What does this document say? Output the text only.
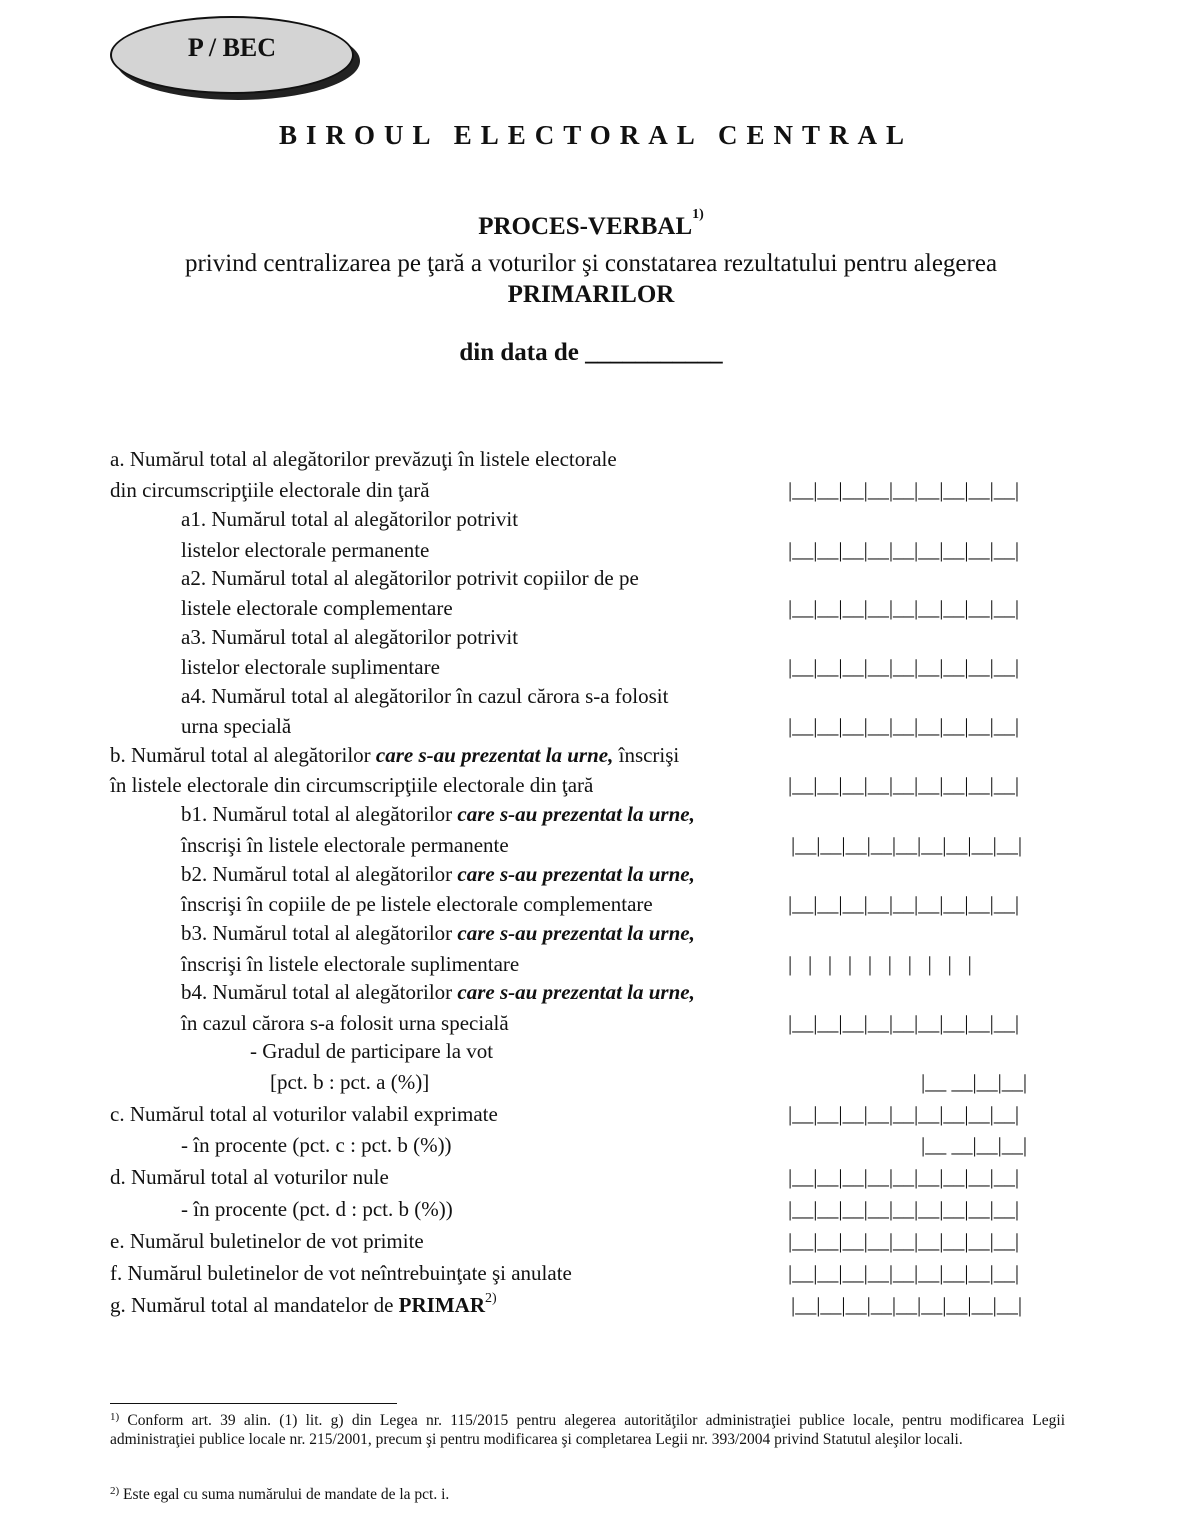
P / BEC
BIROUL ELECTORAL CENTRAL
PROCES-VERBAL$^{1)}$
privind centralizarea pe ţară a voturilor şi constatarea rezultatului pentru alegerea
PRIMARILOR
din data de ___________
a. Numărul total al alegătorilor prevăzuţi în listele electorale
din circumscripţiile electorale din ţară
a1. Numărul total al alegătorilor potrivit
listelor electorale permanente
a2. Numărul total al alegătorilor potrivit copiilor de pe
listele electorale complementare
a3. Numărul total al alegătorilor potrivit
listelor electorale suplimentare
a4. Numărul total al alegătorilor în cazul cărora s-a folosit
urna specială
b. Numărul total al alegătorilor care s-au prezentat la urne, înscrişi
în listele electorale din circumscripţiile electorale din ţară
b1. Numărul total al alegătorilor care s-au prezentat la urne,
înscrişi în listele electorale permanente
b2. Numărul total al alegătorilor care s-au prezentat la urne,
înscrişi în copiile de pe listele electorale complementare
b3. Numărul total al alegătorilor care s-au prezentat la urne,
înscrişi în listele electorale suplimentare
b4. Numărul total al alegătorilor care s-au prezentat la urne,
în cazul cărora s-a folosit urna specială
- Gradul de participare la vot
[pct. b : pct. a (%)]
c. Numărul total al voturilor valabil exprimate
- în procente (pct. c : pct. b (%))
d. Numărul total al voturilor nule
- în procente (pct. d : pct. b (%))
e. Numărul buletinelor de vot primite
f. Numărul buletinelor de vot neîntrebuinţate şi anulate
g. Numărul total al mandatelor de PRIMAR$^{2)}$
|__|__|__|__|__|__|__|__|__|
|__|__|__|__|__|__|__|__|__|
|__|__|__|__|__|__|__|__|__|
|__|__|__|__|__|__|__|__|__|
|__|__|__|__|__|__|__|__|__|
|__|__|__|__|__|__|__|__|__|
|__|__|__|__|__|__|__|__|__|
|__|__|__|__|__|__|__|__|__|
|   |   |   |   |   |   |   |   |   |
|__|__|__|__|__|__|__|__|__|
|__ __|__|__|
|__|__|__|__|__|__|__|__|__|
|__ __|__|__|
|__|__|__|__|__|__|__|__|__|
|__|__|__|__|__|__|__|__|__|
|__|__|__|__|__|__|__|__|__|
|__|__|__|__|__|__|__|__|__|
|__|__|__|__|__|__|__|__|__|
$^{1)}$ Conform art. 39 alin. (1) lit. g) din Legea nr. 115/2015 pentru alegerea autorităţilor administraţiei publice locale, pentru modificarea Legii administraţiei publice locale nr. 215/2001, precum şi pentru modificarea şi completarea Legii nr. 393/2004 privind Statutul aleşilor locali.
$^{2)}$ Este egal cu suma numărului de mandate de la pct. i.
